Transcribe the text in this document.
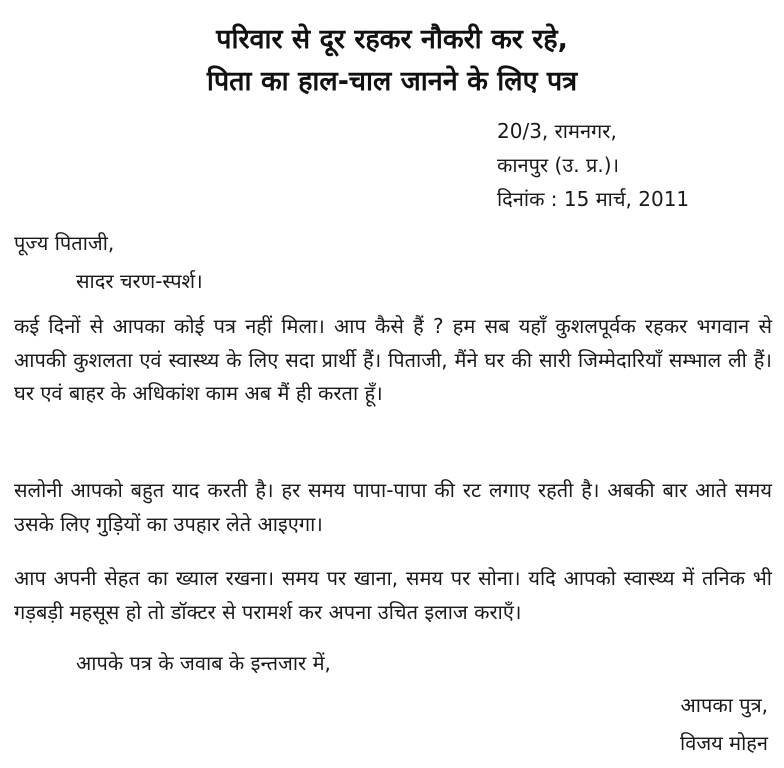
परिवार से दूर रहकर नौकरी कर रहे,
पिता का हाल-चाल जानने के लिए पत्र
20/3, रामनगर,
कानपुर (उ. प्र.)।
दिनांक : 15 मार्च, 2011
पूज्य पिताजी,
सादर चरण-स्पर्श।
कई दिनों से आपका कोई पत्र नहीं मिला। आप कैसे हैं ? हम सब यहाँ कुशलपूर्वक रहकर भगवान से आपकी कुशलता एवं स्वास्थ्य के लिए सदा प्रार्थी हैं। पिताजी, मैंने घर की सारी जिम्मेदारियाँ सम्भाल ली हैं। घर एवं बाहर के अधिकांश काम अब मैं ही करता हूँ।
सलोनी आपको बहुत याद करती है। हर समय पापा-पापा की रट लगाए रहती है। अबकी बार आते समय उसके लिए गुड़ियों का उपहार लेते आइएगा।
आप अपनी सेहत का ख्याल रखना। समय पर खाना, समय पर सोना। यदि आपको स्वास्थ्य में तनिक भी गड़बड़ी महसूस हो तो डॉक्टर से परामर्श कर अपना उचित इलाज कराएँ।
आपके पत्र के जवाब के इन्तजार में,
आपका पुत्र,
विजय मोहन
